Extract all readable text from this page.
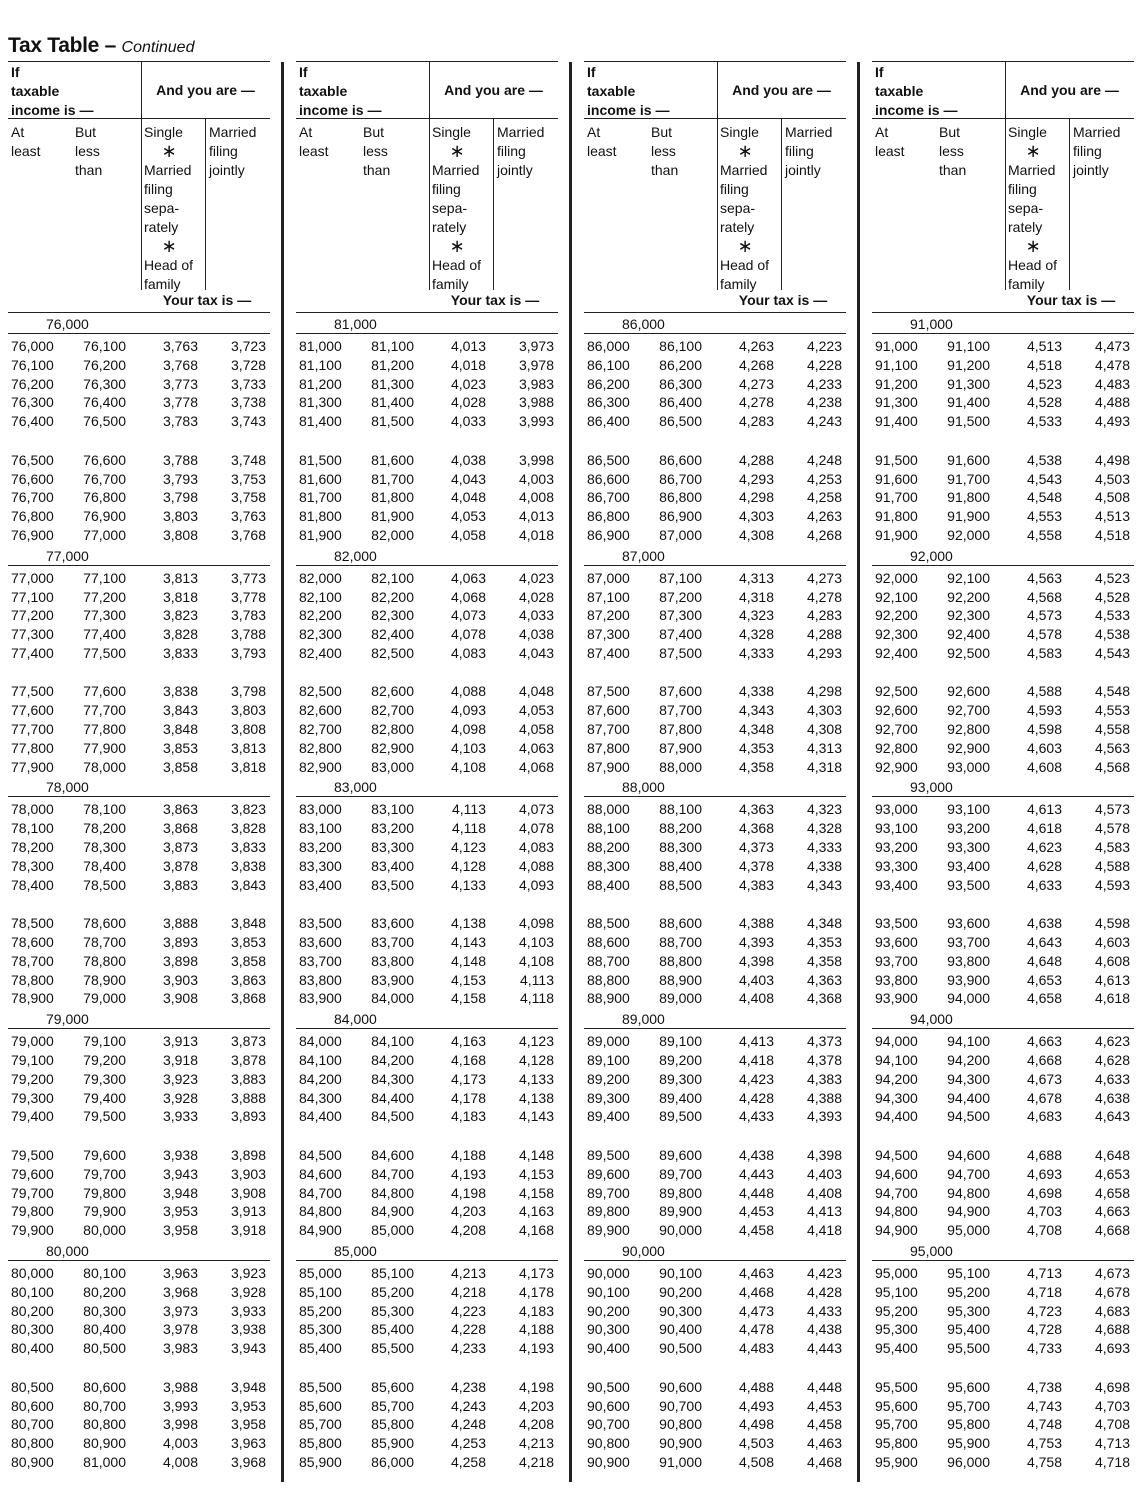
Tax Table – Continued
If
taxable
income is —
And you are —
At
least
But
less
than
Single
∗
Married
filing
sepa-
rately
∗
Head of
family
Married
filing
jointly
Your tax is —
76,000
76,000	76,100	3,763	3,723
76,100	76,200	3,768	3,728
76,200	76,300	3,773	3,733
76,300	76,400	3,778	3,738
76,400	76,500	3,783	3,743
76,500	76,600	3,788	3,748
76,600	76,700	3,793	3,753
76,700	76,800	3,798	3,758
76,800	76,900	3,803	3,763
76,900	77,000	3,808	3,768
77,000
77,000	77,100	3,813	3,773
77,100	77,200	3,818	3,778
77,200	77,300	3,823	3,783
77,300	77,400	3,828	3,788
77,400	77,500	3,833	3,793
77,500	77,600	3,838	3,798
77,600	77,700	3,843	3,803
77,700	77,800	3,848	3,808
77,800	77,900	3,853	3,813
77,900	78,000	3,858	3,818
78,000
78,000	78,100	3,863	3,823
78,100	78,200	3,868	3,828
78,200	78,300	3,873	3,833
78,300	78,400	3,878	3,838
78,400	78,500	3,883	3,843
78,500	78,600	3,888	3,848
78,600	78,700	3,893	3,853
78,700	78,800	3,898	3,858
78,800	78,900	3,903	3,863
78,900	79,000	3,908	3,868
79,000
79,000	79,100	3,913	3,873
79,100	79,200	3,918	3,878
79,200	79,300	3,923	3,883
79,300	79,400	3,928	3,888
79,400	79,500	3,933	3,893
79,500	79,600	3,938	3,898
79,600	79,700	3,943	3,903
79,700	79,800	3,948	3,908
79,800	79,900	3,953	3,913
79,900	80,000	3,958	3,918
80,000
80,000	80,100	3,963	3,923
80,100	80,200	3,968	3,928
80,200	80,300	3,973	3,933
80,300	80,400	3,978	3,938
80,400	80,500	3,983	3,943
80,500	80,600	3,988	3,948
80,600	80,700	3,993	3,953
80,700	80,800	3,998	3,958
80,800	80,900	4,003	3,963
80,900	81,000	4,008	3,968
If
taxable
income is —
And you are —
At
least
But
less
than
Single
∗
Married
filing
sepa-
rately
∗
Head of
family
Married
filing
jointly
Your tax is —
81,000
81,000	81,100	4,013	3,973
81,100	81,200	4,018	3,978
81,200	81,300	4,023	3,983
81,300	81,400	4,028	3,988
81,400	81,500	4,033	3,993
81,500	81,600	4,038	3,998
81,600	81,700	4,043	4,003
81,700	81,800	4,048	4,008
81,800	81,900	4,053	4,013
81,900	82,000	4,058	4,018
82,000
82,000	82,100	4,063	4,023
82,100	82,200	4,068	4,028
82,200	82,300	4,073	4,033
82,300	82,400	4,078	4,038
82,400	82,500	4,083	4,043
82,500	82,600	4,088	4,048
82,600	82,700	4,093	4,053
82,700	82,800	4,098	4,058
82,800	82,900	4,103	4,063
82,900	83,000	4,108	4,068
83,000
83,000	83,100	4,113	4,073
83,100	83,200	4,118	4,078
83,200	83,300	4,123	4,083
83,300	83,400	4,128	4,088
83,400	83,500	4,133	4,093
83,500	83,600	4,138	4,098
83,600	83,700	4,143	4,103
83,700	83,800	4,148	4,108
83,800	83,900	4,153	4,113
83,900	84,000	4,158	4,118
84,000
84,000	84,100	4,163	4,123
84,100	84,200	4,168	4,128
84,200	84,300	4,173	4,133
84,300	84,400	4,178	4,138
84,400	84,500	4,183	4,143
84,500	84,600	4,188	4,148
84,600	84,700	4,193	4,153
84,700	84,800	4,198	4,158
84,800	84,900	4,203	4,163
84,900	85,000	4,208	4,168
85,000
85,000	85,100	4,213	4,173
85,100	85,200	4,218	4,178
85,200	85,300	4,223	4,183
85,300	85,400	4,228	4,188
85,400	85,500	4,233	4,193
85,500	85,600	4,238	4,198
85,600	85,700	4,243	4,203
85,700	85,800	4,248	4,208
85,800	85,900	4,253	4,213
85,900	86,000	4,258	4,218
If
taxable
income is —
And you are —
At
least
But
less
than
Single
∗
Married
filing
sepa-
rately
∗
Head of
family
Married
filing
jointly
Your tax is —
86,000
86,000	86,100	4,263	4,223
86,100	86,200	4,268	4,228
86,200	86,300	4,273	4,233
86,300	86,400	4,278	4,238
86,400	86,500	4,283	4,243
86,500	86,600	4,288	4,248
86,600	86,700	4,293	4,253
86,700	86,800	4,298	4,258
86,800	86,900	4,303	4,263
86,900	87,000	4,308	4,268
87,000
87,000	87,100	4,313	4,273
87,100	87,200	4,318	4,278
87,200	87,300	4,323	4,283
87,300	87,400	4,328	4,288
87,400	87,500	4,333	4,293
87,500	87,600	4,338	4,298
87,600	87,700	4,343	4,303
87,700	87,800	4,348	4,308
87,800	87,900	4,353	4,313
87,900	88,000	4,358	4,318
88,000
88,000	88,100	4,363	4,323
88,100	88,200	4,368	4,328
88,200	88,300	4,373	4,333
88,300	88,400	4,378	4,338
88,400	88,500	4,383	4,343
88,500	88,600	4,388	4,348
88,600	88,700	4,393	4,353
88,700	88,800	4,398	4,358
88,800	88,900	4,403	4,363
88,900	89,000	4,408	4,368
89,000
89,000	89,100	4,413	4,373
89,100	89,200	4,418	4,378
89,200	89,300	4,423	4,383
89,300	89,400	4,428	4,388
89,400	89,500	4,433	4,393
89,500	89,600	4,438	4,398
89,600	89,700	4,443	4,403
89,700	89,800	4,448	4,408
89,800	89,900	4,453	4,413
89,900	90,000	4,458	4,418
90,000
90,000	90,100	4,463	4,423
90,100	90,200	4,468	4,428
90,200	90,300	4,473	4,433
90,300	90,400	4,478	4,438
90,400	90,500	4,483	4,443
90,500	90,600	4,488	4,448
90,600	90,700	4,493	4,453
90,700	90,800	4,498	4,458
90,800	90,900	4,503	4,463
90,900	91,000	4,508	4,468
If
taxable
income is —
And you are —
At
least
But
less
than
Single
∗
Married
filing
sepa-
rately
∗
Head of
family
Married
filing
jointly
Your tax is —
91,000
91,000	91,100	4,513	4,473
91,100	91,200	4,518	4,478
91,200	91,300	4,523	4,483
91,300	91,400	4,528	4,488
91,400	91,500	4,533	4,493
91,500	91,600	4,538	4,498
91,600	91,700	4,543	4,503
91,700	91,800	4,548	4,508
91,800	91,900	4,553	4,513
91,900	92,000	4,558	4,518
92,000
92,000	92,100	4,563	4,523
92,100	92,200	4,568	4,528
92,200	92,300	4,573	4,533
92,300	92,400	4,578	4,538
92,400	92,500	4,583	4,543
92,500	92,600	4,588	4,548
92,600	92,700	4,593	4,553
92,700	92,800	4,598	4,558
92,800	92,900	4,603	4,563
92,900	93,000	4,608	4,568
93,000
93,000	93,100	4,613	4,573
93,100	93,200	4,618	4,578
93,200	93,300	4,623	4,583
93,300	93,400	4,628	4,588
93,400	93,500	4,633	4,593
93,500	93,600	4,638	4,598
93,600	93,700	4,643	4,603
93,700	93,800	4,648	4,608
93,800	93,900	4,653	4,613
93,900	94,000	4,658	4,618
94,000
94,000	94,100	4,663	4,623
94,100	94,200	4,668	4,628
94,200	94,300	4,673	4,633
94,300	94,400	4,678	4,638
94,400	94,500	4,683	4,643
94,500	94,600	4,688	4,648
94,600	94,700	4,693	4,653
94,700	94,800	4,698	4,658
94,800	94,900	4,703	4,663
94,900	95,000	4,708	4,668
95,000
95,000	95,100	4,713	4,673
95,100	95,200	4,718	4,678
95,200	95,300	4,723	4,683
95,300	95,400	4,728	4,688
95,400	95,500	4,733	4,693
95,500	95,600	4,738	4,698
95,600	95,700	4,743	4,703
95,700	95,800	4,748	4,708
95,800	95,900	4,753	4,713
95,900	96,000	4,758	4,718
